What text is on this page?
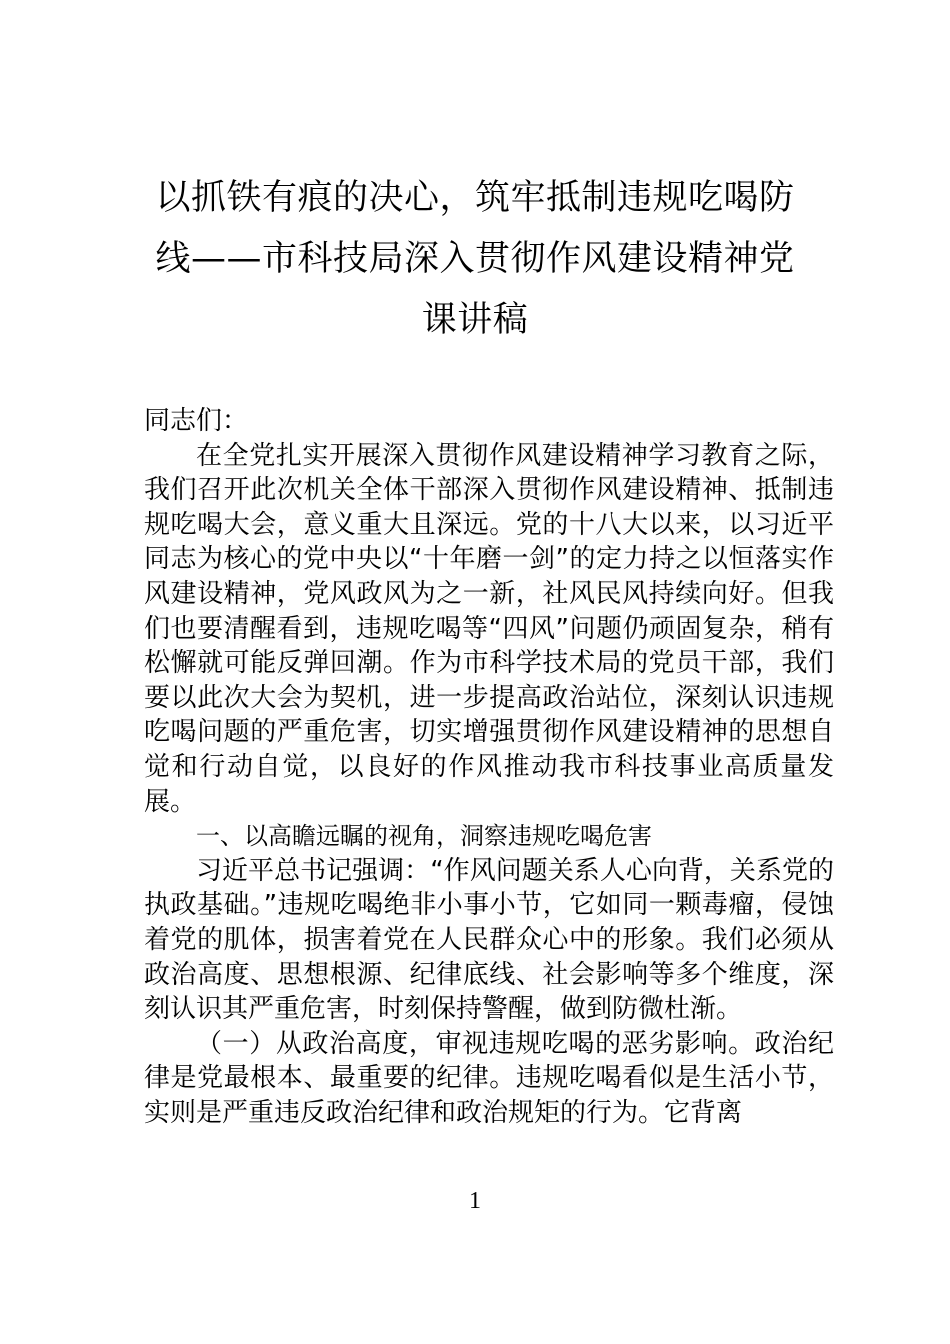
以抓铁有痕的决心，筑牢抵制违规吃喝防线——市科技局深入贯彻作风建设精神党课讲稿

同志们：

在全党扎实开展深入贯彻作风建设精神学习教育之际，我们召开此次机关全体干部深入贯彻作风建设精神、抵制违规吃喝大会，意义重大且深远。党的十八大以来，以习近平同志为核心的党中央以“十年磨一剑”的定力持之以恒落实作风建设精神，党风政风为之一新，社风民风持续向好。但我们也要清醒看到，违规吃喝等“四风”问题仍顽固复杂，稍有松懈就可能反弹回潮。作为市科学技术局的党员干部，我们要以此次大会为契机，进一步提高政治站位，深刻认识违规吃喝问题的严重危害，切实增强贯彻作风建设精神的思想自觉和行动自觉，以良好的作风推动我市科技事业高质量发展。

一、以高瞻远瞩的视角，洞察违规吃喝危害

习近平总书记强调：“作风问题关系人心向背，关系党的执政基础。”违规吃喝绝非小事小节，它如同一颗毒瘤，侵蚀着党的肌体，损害着党在人民群众心中的形象。我们必须从政治高度、思想根源、纪律底线、社会影响等多个维度，深刻认识其严重危害，时刻保持警醒，做到防微杜渐。

（一）从政治高度，审视违规吃喝的恶劣影响。政治纪律是党最根本、最重要的纪律。违规吃喝看似是生活小节，实则是严重违反政治纪律和政治规矩的行为。它背离

1
